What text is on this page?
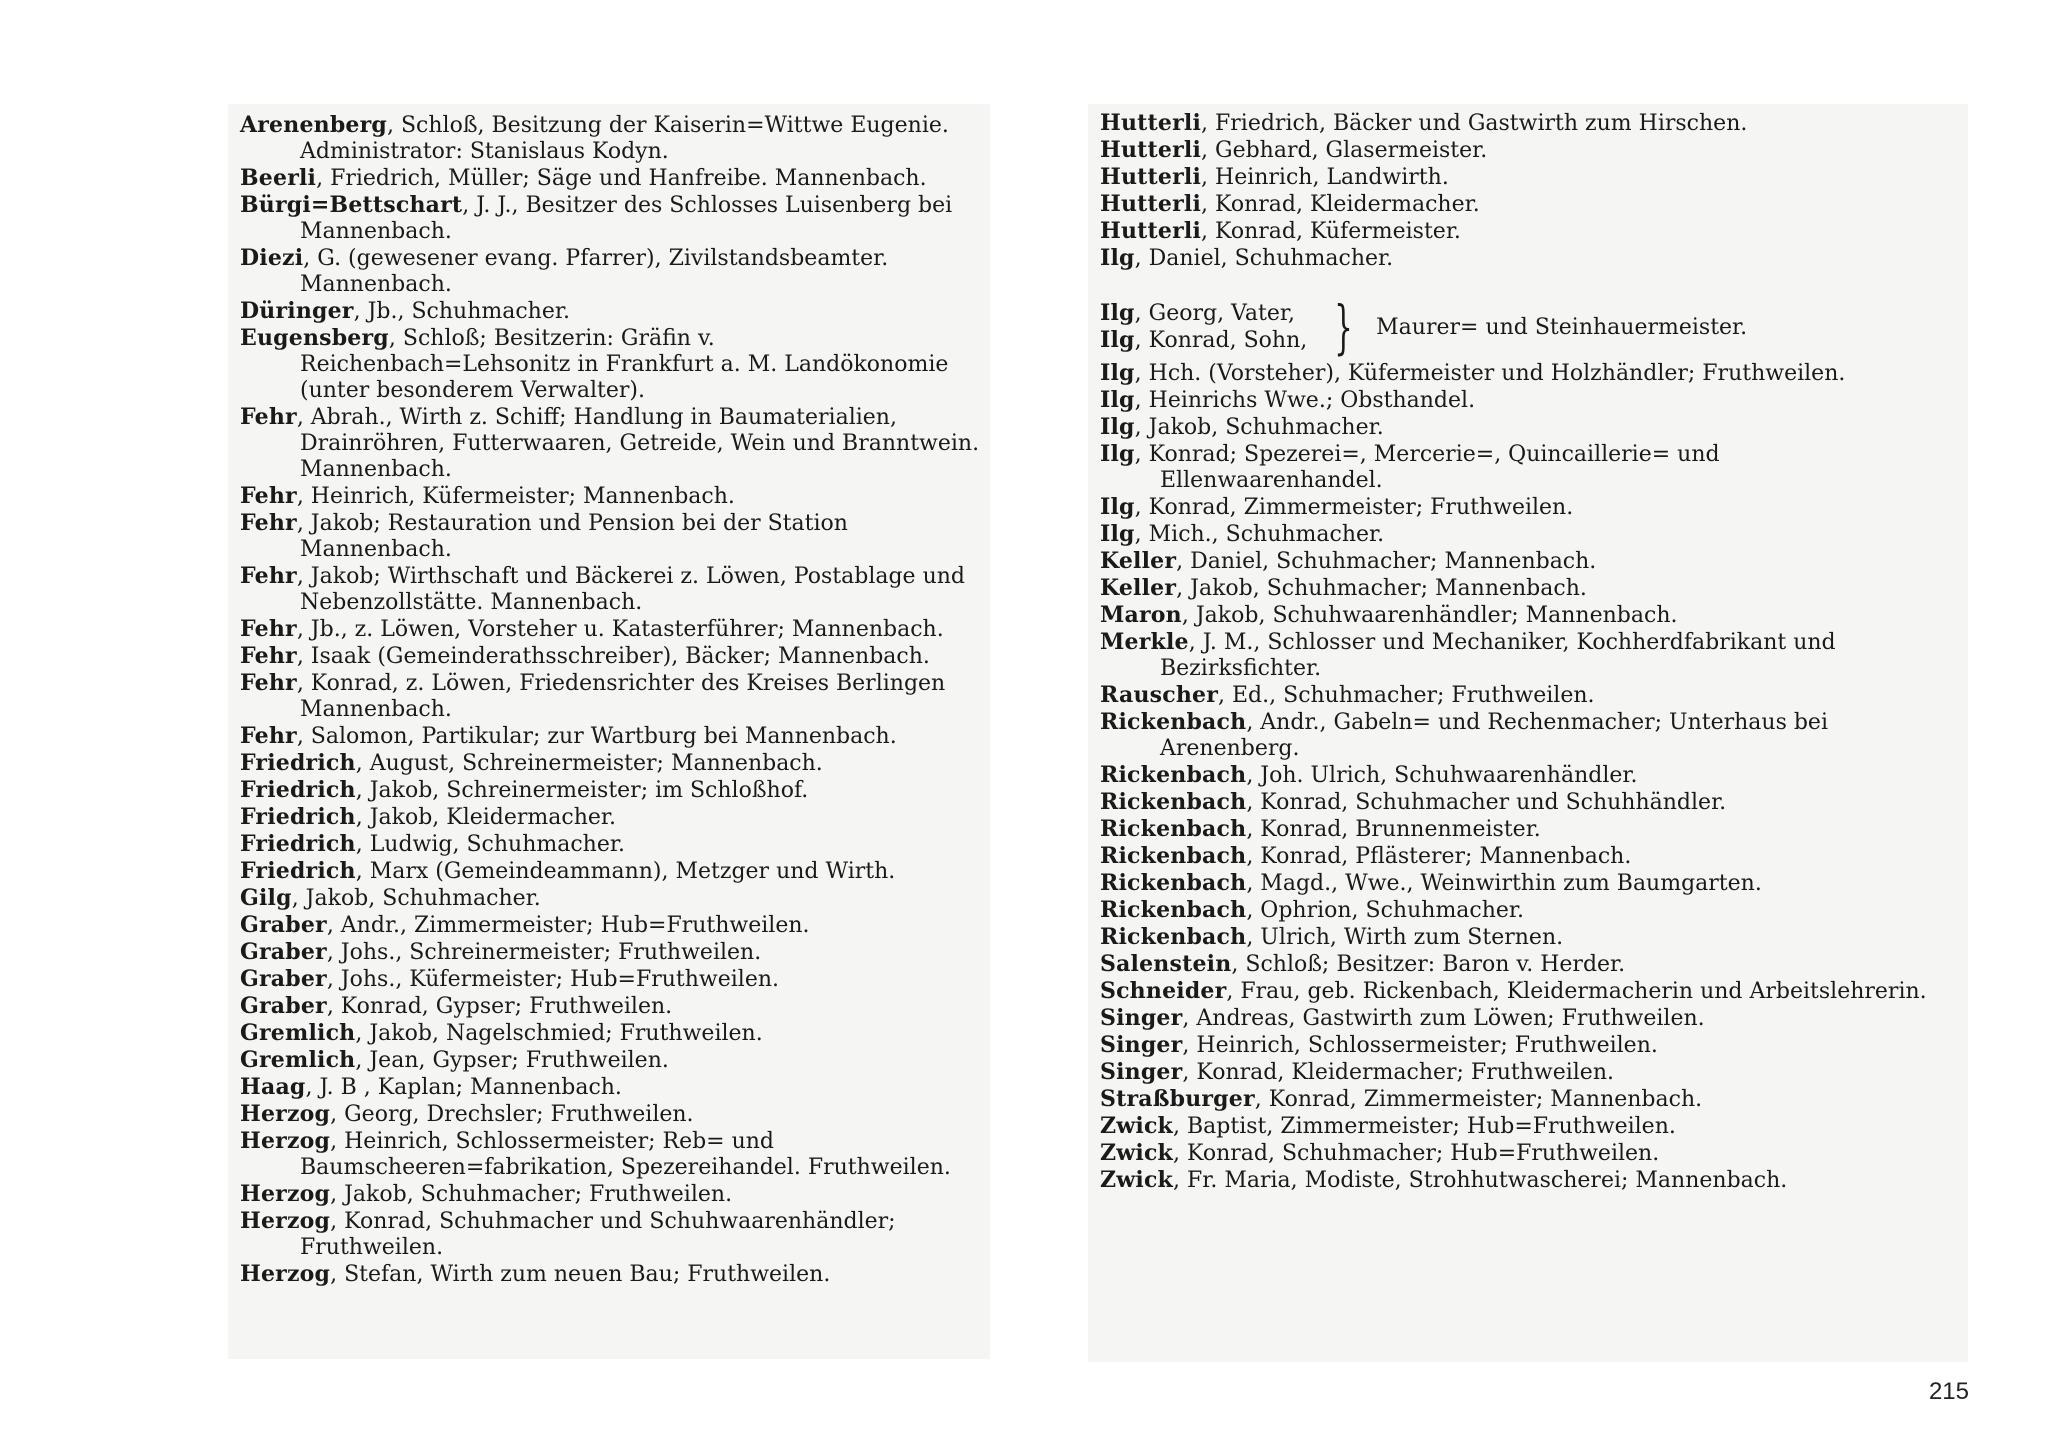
Arenenberg, Schloß, Besitzung der Kaiserin=Wittwe Eugenie. Administrator: Stanislaus Kodyn.
Beerli, Friedrich, Müller; Säge und Hanfreibe. Mannenbach.
Bürgi=Bettschart, J. J., Besitzer des Schlosses Luisenberg bei Mannenbach.
Diezi, G. (gewesener evang. Pfarrer), Zivilstandsbeamter. Mannenbach.
Düringer, Jb., Schuhmacher.
Eugensberg, Schloß; Besitzerin: Gräfin v. Reichenbach=Lehsonitz in Frankfurt a. M. Landökonomie (unter besonderem Verwalter).
Fehr, Abrah., Wirth z. Schiff; Handlung in Baumaterialien, Drainröhren, Futterwaaren, Getreide, Wein und Branntwein. Mannenbach.
Fehr, Heinrich, Küfermeister; Mannenbach.
Fehr, Jakob; Restauration und Pension bei der Station Mannenbach.
Fehr, Jakob; Wirthschaft und Bäckerei z. Löwen, Postablage und Nebenzollstätte. Mannenbach.
Fehr, Jb., z. Löwen, Vorsteher u. Katasterführer; Mannenbach.
Fehr, Isaak (Gemeinderathsschreiber), Bäcker; Mannenbach.
Fehr, Konrad, z. Löwen, Friedensrichter des Kreises Berlingen Mannenbach.
Fehr, Salomon, Partikular; zur Wartburg bei Mannenbach.
Friedrich, August, Schreinermeister; Mannenbach.
Friedrich, Jakob, Schreinermeister; im Schloßhof.
Friedrich, Jakob, Kleidermacher.
Friedrich, Ludwig, Schuhmacher.
Friedrich, Marx (Gemeindeammann), Metzger und Wirth.
Gilg, Jakob, Schuhmacher.
Graber, Andr., Zimmermeister; Hub=Fruthweilen.
Graber, Johs., Schreinermeister; Fruthweilen.
Graber, Johs., Küfermeister; Hub=Fruthweilen.
Graber, Konrad, Gypser; Fruthweilen.
Gremlich, Jakob, Nagelschmied; Fruthweilen.
Gremlich, Jean, Gypser; Fruthweilen.
Haag, J. B , Kaplan; Mannenbach.
Herzog, Georg, Drechsler; Fruthweilen.
Herzog, Heinrich, Schlossermeister; Reb= und Baumscheeren=fabrikation, Spezereihandel. Fruthweilen.
Herzog, Jakob, Schuhmacher; Fruthweilen.
Herzog, Konrad, Schuhmacher und Schuhwaarenhändler; Fruthweilen.
Herzog, Stefan, Wirth zum neuen Bau; Fruthweilen.
Hutterli, Friedrich, Bäcker und Gastwirth zum Hirschen.
Hutterli, Gebhard, Glasermeister.
Hutterli, Heinrich, Landwirth.
Hutterli, Konrad, Kleidermacher.
Hutterli, Konrad, Küfermeister.
Ilg, Daniel, Schuhmacher.
Ilg, Georg, Vater,
Ilg, Konrad, Sohn, } Maurer= und Steinhauermeister.
Ilg, Hch. (Vorsteher), Küfermeister und Holzhändler; Fruthweilen.
Ilg, Heinrichs Wwe.; Obsthandel.
Ilg, Jakob, Schuhmacher.
Ilg, Konrad; Spezerei=, Mercerie=, Quincaillerie= und Ellenwaarenhandel.
Ilg, Konrad, Zimmermeister; Fruthweilen.
Ilg, Mich., Schuhmacher.
Keller, Daniel, Schuhmacher; Mannenbach.
Keller, Jakob, Schuhmacher; Mannenbach.
Maron, Jakob, Schuhwaarenhändler; Mannenbach.
Merkle, J. M., Schlosser und Mechaniker, Kochherdfabrikant und Bezirksfichter.
Rauscher, Ed., Schuhmacher; Fruthweilen.
Rickenbach, Andr., Gabeln= und Rechenmacher; Unterhaus bei Arenenberg.
Rickenbach, Joh. Ulrich, Schuhwaarenhändler.
Rickenbach, Konrad, Schuhmacher und Schuhhändler.
Rickenbach, Konrad, Brunnenmeister.
Rickenbach, Konrad, Pflästerer; Mannenbach.
Rickenbach, Magd., Wwe., Weinwirthin zum Baumgarten.
Rickenbach, Ophrion, Schuhmacher.
Rickenbach, Ulrich, Wirth zum Sternen.
Salenstein, Schloß; Besitzer: Baron v. Herder.
Schneider, Frau, geb. Rickenbach, Kleidermacherin und Arbeitslehrerin.
Singer, Andreas, Gastwirth zum Löwen; Fruthweilen.
Singer, Heinrich, Schlossermeister; Fruthweilen.
Singer, Konrad, Kleidermacher; Fruthweilen.
Straßburger, Konrad, Zimmermeister; Mannenbach.
Zwick, Baptist, Zimmermeister; Hub=Fruthweilen.
Zwick, Konrad, Schuhmacher; Hub=Fruthweilen.
Zwick, Fr. Maria, Modiste, Strohhutwascherei; Mannenbach.
215
